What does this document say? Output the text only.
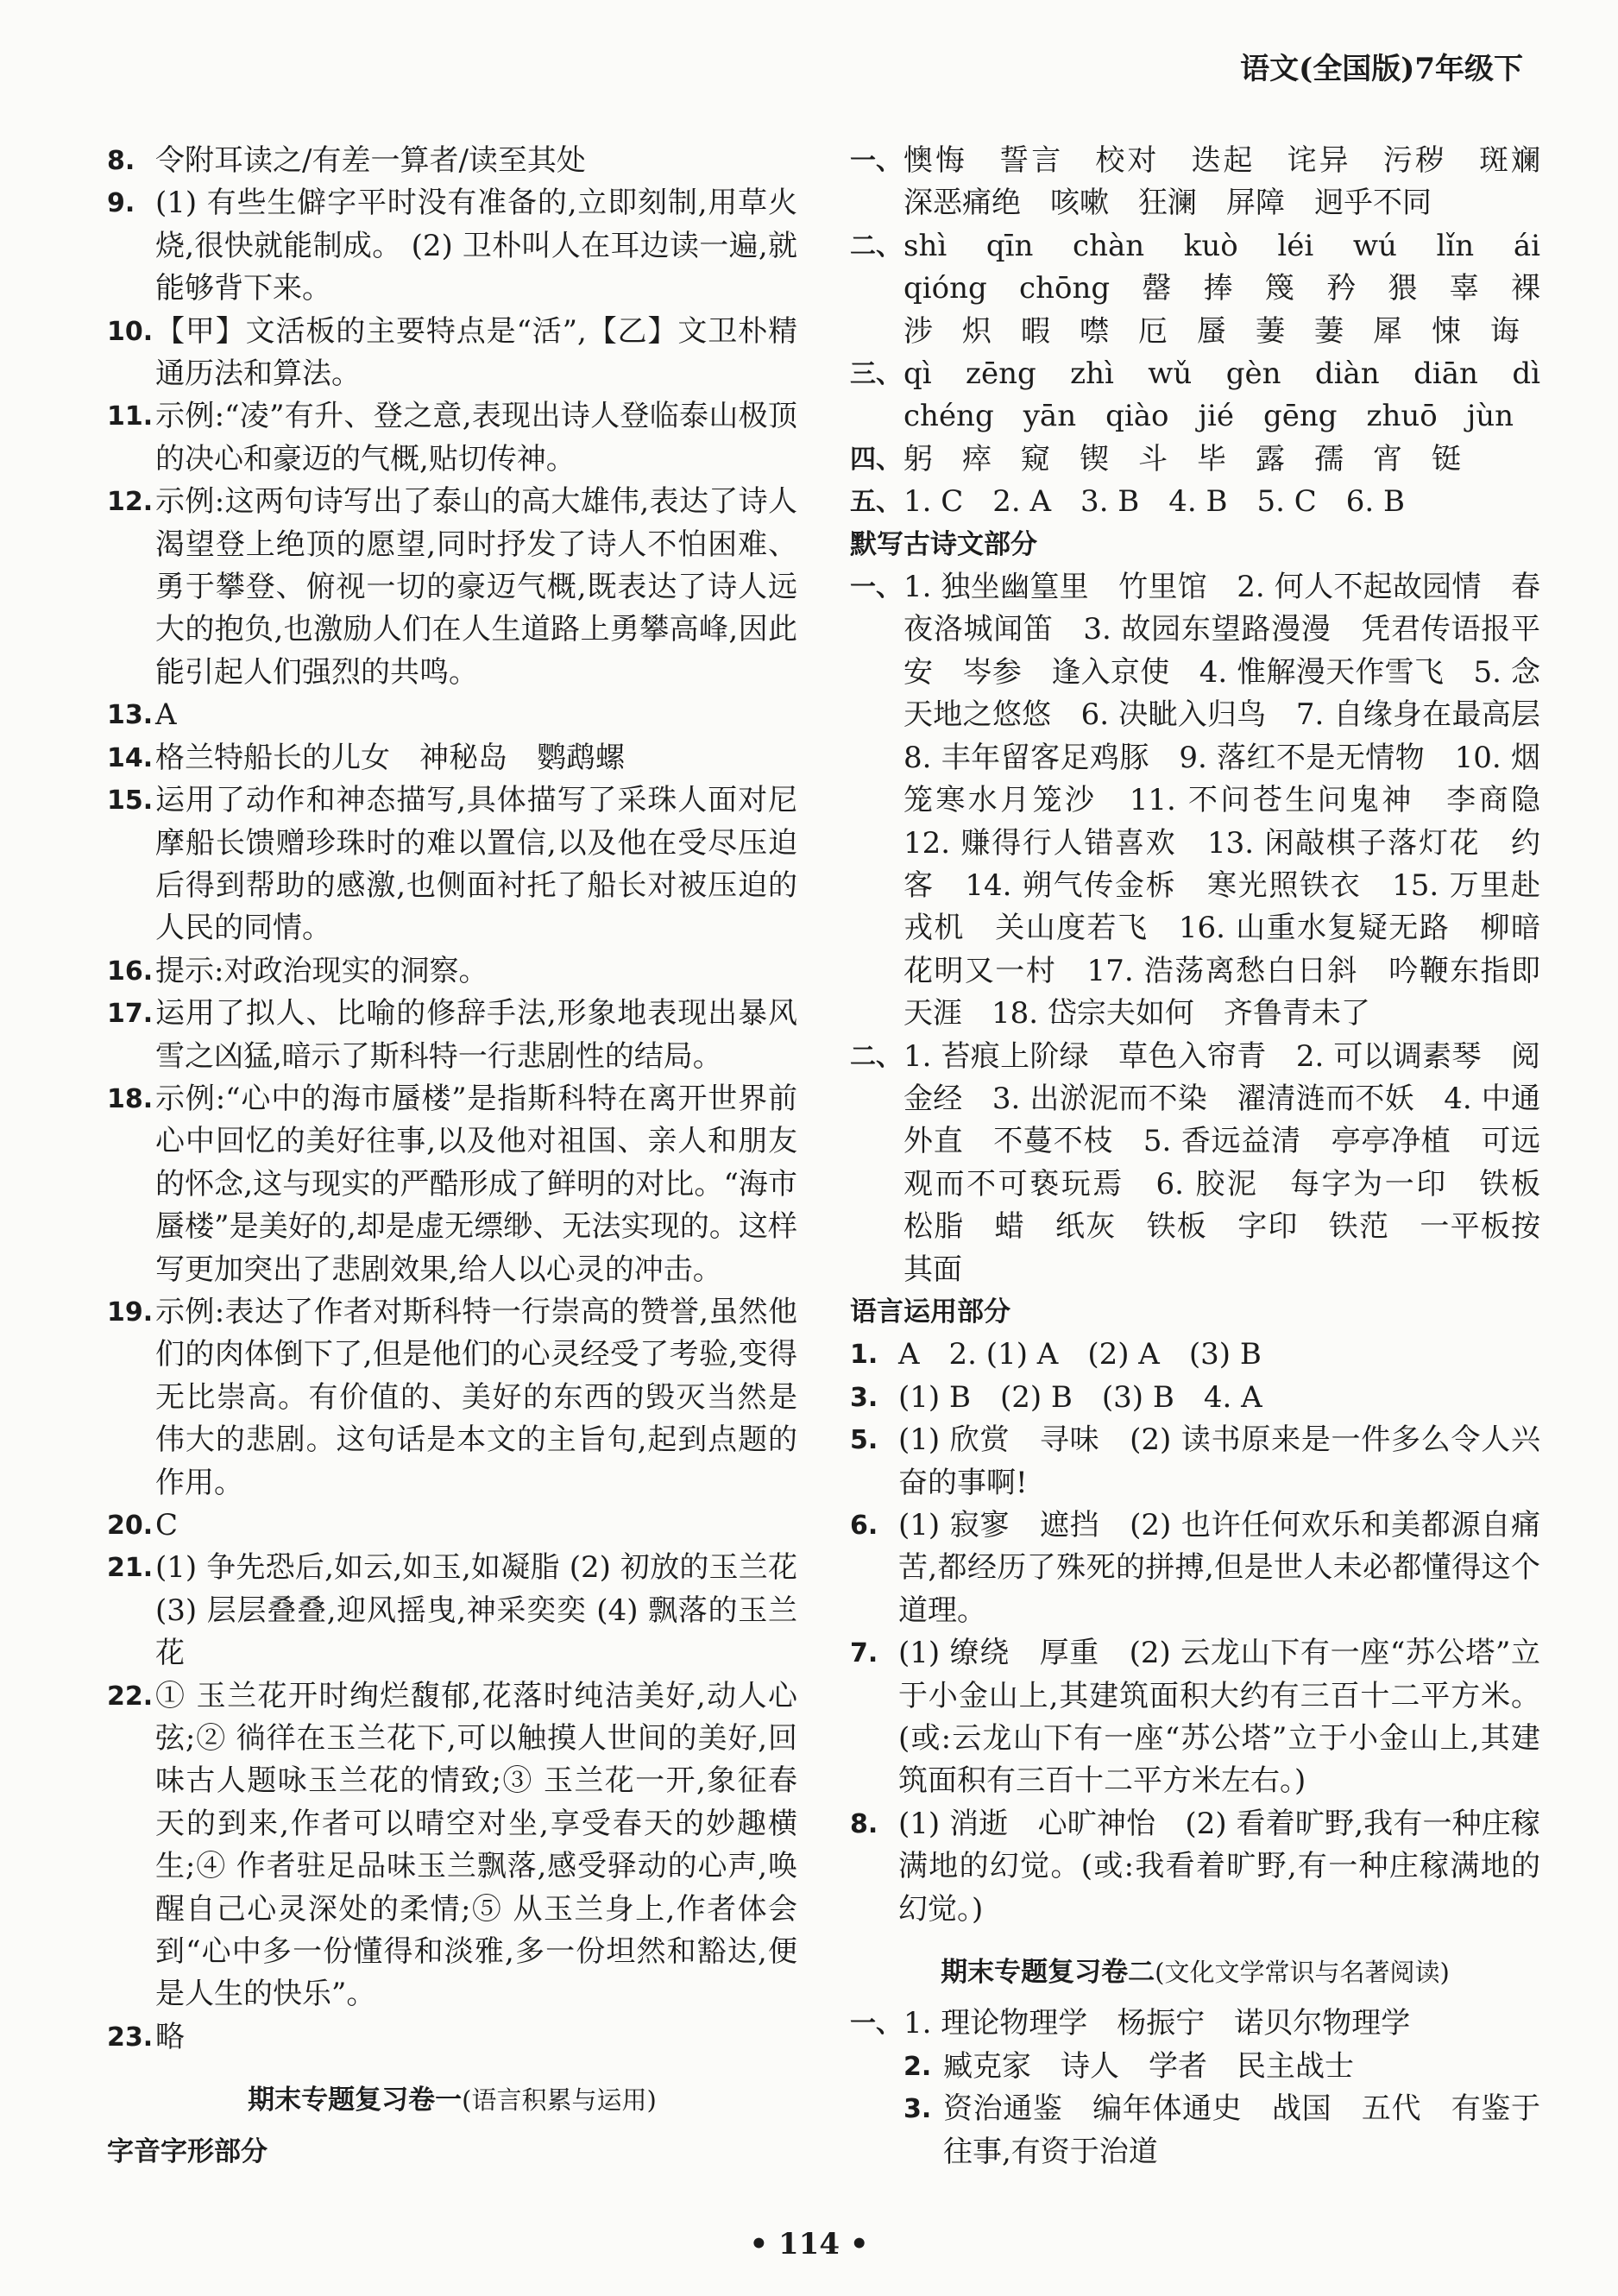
语文(全国版)7年级下
8. 令附耳读之/有差一算者/读至其处
9. (1) 有些生僻字平时没有准备的,立即刻制,用草火烧,很快就能制成。 (2) 卫朴叫人在耳边读一遍,就能够背下来。
10. 【甲】文活板的主要特点是“活”,【乙】文卫朴精通历法和算法。
11. 示例:“凌”有升、登之意,表现出诗人登临泰山极顶的决心和豪迈的气概,贴切传神。
12. 示例:这两句诗写出了泰山的高大雄伟,表达了诗人渴望登上绝顶的愿望,同时抒发了诗人不怕困难、勇于攀登、俯视一切的豪迈气概,既表达了诗人远大的抱负,也激励人们在人生道路上勇攀高峰,因此能引起人们强烈的共鸣。
13. A
14. 格兰特船长的儿女　神秘岛　鹦鹉螺
15. 运用了动作和神态描写,具体描写了采珠人面对尼摩船长馈赠珍珠时的难以置信,以及他在受尽压迫后得到帮助的感激,也侧面衬托了船长对被压迫的人民的同情。
16. 提示:对政治现实的洞察。
17. 运用了拟人、比喻的修辞手法,形象地表现出暴风雪之凶猛,暗示了斯科特一行悲剧性的结局。
18. 示例:“心中的海市蜃楼”是指斯科特在离开世界前心中回忆的美好往事,以及他对祖国、亲人和朋友的怀念,这与现实的严酷形成了鲜明的对比。“海市蜃楼”是美好的,却是虚无缥缈、无法实现的。这样写更加突出了悲剧效果,给人以心灵的冲击。
19. 示例:表达了作者对斯科特一行崇高的赞誉,虽然他们的肉体倒下了,但是他们的心灵经受了考验,变得无比崇高。有价值的、美好的东西的毁灭当然是伟大的悲剧。这句话是本文的主旨句,起到点题的作用。
20. C
21. (1) 争先恐后,如云,如玉,如凝脂 (2) 初放的玉兰花 (3) 层层叠叠,迎风摇曳,神采奕奕 (4) 飘落的玉兰花
22. ① 玉兰花开时绚烂馥郁,花落时纯洁美好,动人心弦;② 徜徉在玉兰花下,可以触摸人世间的美好,回味古人题咏玉兰花的情致;③ 玉兰花一开,象征春天的到来,作者可以晴空对坐,享受春天的妙趣横生;④ 作者驻足品味玉兰飘落,感受驿动的心声,唤醒自己心灵深处的柔情;⑤ 从玉兰身上,作者体会到“心中多一份懂得和淡雅,多一份坦然和豁达,便是人生的快乐”。
23. 略
期末专题复习卷一(语言积累与运用)
字音字形部分
一、 懊悔　誓言　校对　迭起　诧异　污秽　斑斓　深恶痛绝　咳嗽　狂澜　屏障　迥乎不同
二、 shì　qīn　chàn　kuò　léi　wú　lǐn　ái　qióng　chōng　罄　捧　篾　矜　猥　辜　裸　涉　炽　暇　噤　厄　蜃　萋　萋　犀　悚　诲
三、 qì　zēng　zhì　wǔ　gèn　diàn　diān　dì　chéng　yān　qiào　jié　gēng　zhuō　jùn
四、 躬　瘁　窥　锲　斗　毕　露　孺　宵　铤
五、 1. C　2. A　3. B　4. B　5. C　6. B
默写古诗文部分
一、 1. 独坐幽篁里　竹里馆　2. 何人不起故园情　春夜洛城闻笛　3. 故园东望路漫漫　凭君传语报平安　岑参　逢入京使　4. 惟解漫天作雪飞　5. 念天地之悠悠　6. 决眦入归鸟　7. 自缘身在最高层　8. 丰年留客足鸡豚　9. 落红不是无情物　10. 烟笼寒水月笼沙　11. 不问苍生问鬼神　李商隐　12. 赚得行人错喜欢　13. 闲敲棋子落灯花　约客　14. 朔气传金柝　寒光照铁衣　15. 万里赴戎机　关山度若飞　16. 山重水复疑无路　柳暗花明又一村　17. 浩荡离愁白日斜　吟鞭东指即天涯　18. 岱宗夫如何　齐鲁青未了
二、 1. 苔痕上阶绿　草色入帘青　2. 可以调素琴　阅金经　3. 出淤泥而不染　濯清涟而不妖　4. 中通外直　不蔓不枝　5. 香远益清　亭亭净植　可远观而不可亵玩焉　6. 胶泥　每字为一印　铁板　松脂　蜡　纸灰　铁板　字印　铁范　一平板按其面
语言运用部分
1. A　2. (1) A　(2) A　(3) B
3. (1) B　(2) B　(3) B　4. A
5. (1) 欣赏　寻味　(2) 读书原来是一件多么令人兴奋的事啊!
6. (1) 寂寥　遮挡　(2) 也许任何欢乐和美都源自痛苦,都经历了殊死的拼搏,但是世人未必都懂得这个道理。
7. (1) 缭绕　厚重　(2) 云龙山下有一座“苏公塔”立于小金山上,其建筑面积大约有三百十二平方米。(或:云龙山下有一座“苏公塔”立于小金山上,其建筑面积有三百十二平方米左右。)
8. (1) 消逝　心旷神怡　(2) 看着旷野,我有一种庄稼满地的幻觉。(或:我看着旷野,有一种庄稼满地的幻觉。)
期末专题复习卷二(文化文学常识与名著阅读)
一、 1. 理论物理学　杨振宁　诺贝尔物理学
2. 臧克家　诗人　学者　民主战士
3. 资治通鉴　编年体通史　战国　五代　有鉴于往事,有资于治道
• 114 •
